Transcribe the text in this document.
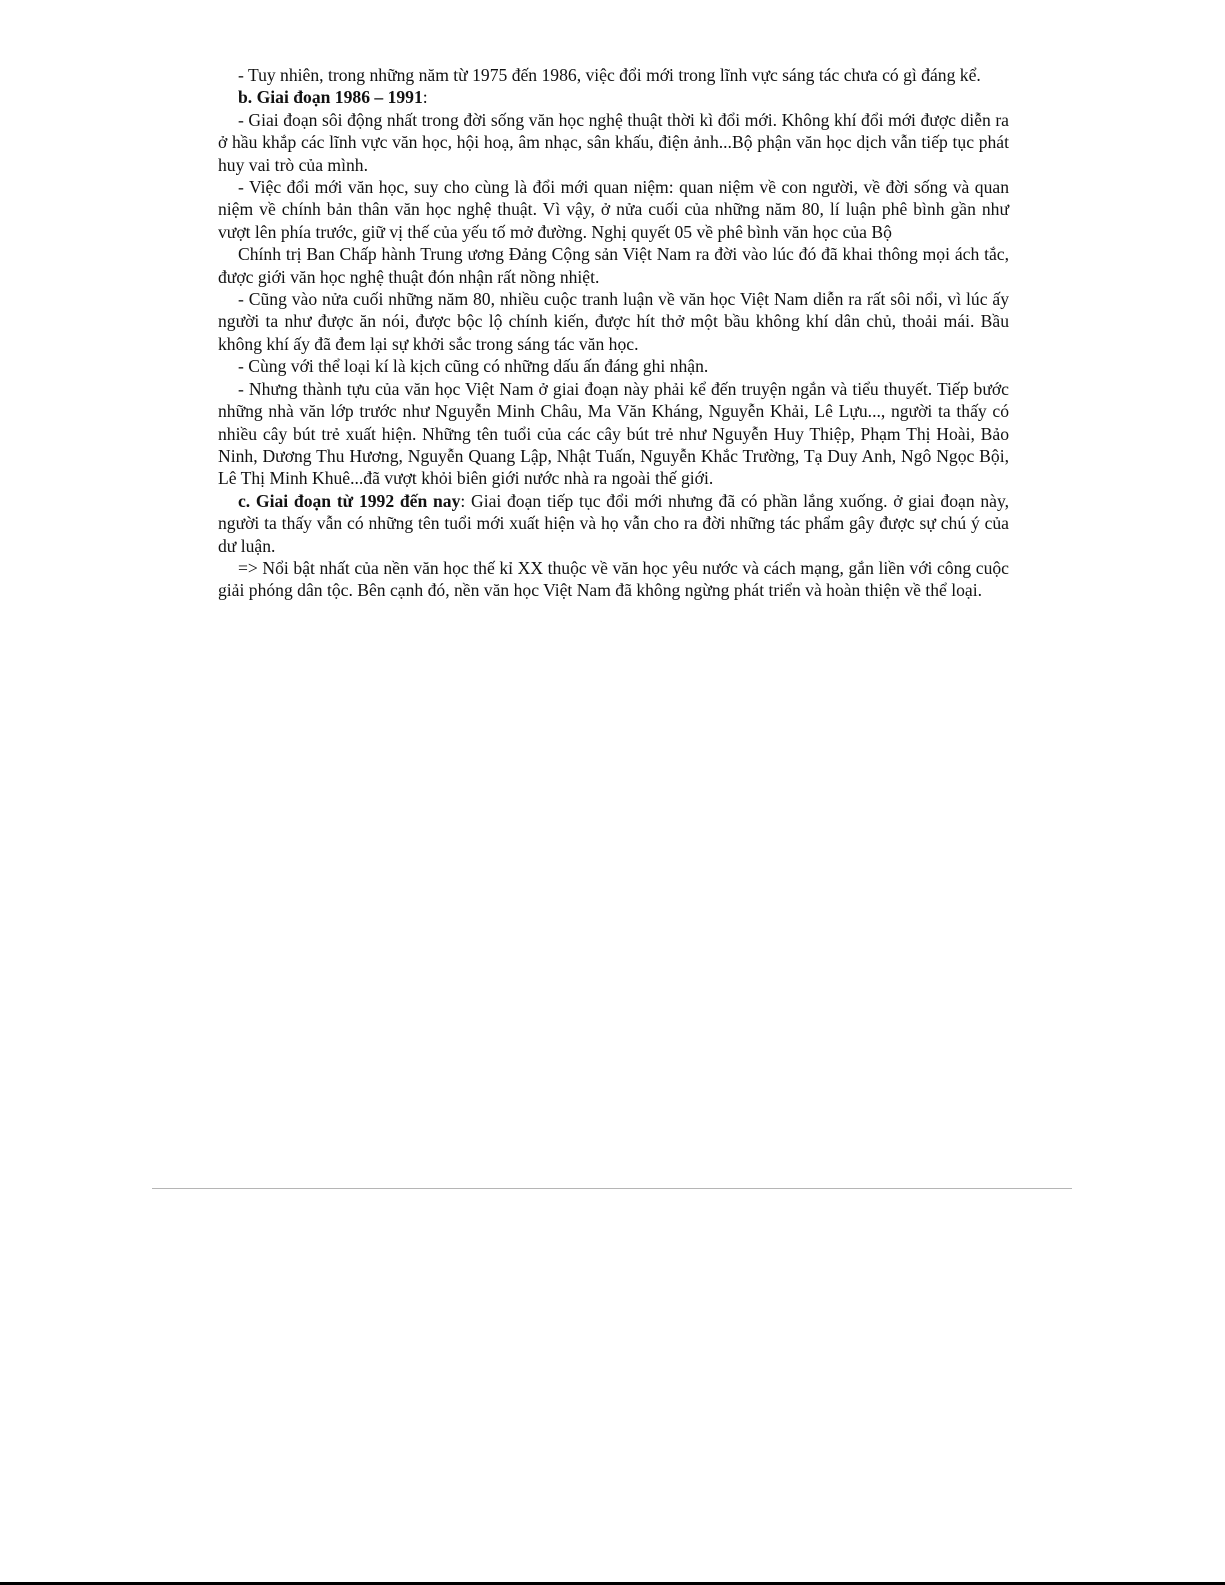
- Tuy nhiên, trong những năm từ 1975 đến 1986, việc đổi mới trong lĩnh vực sáng tác chưa có gì đáng kể.

b. Giai đoạn 1986 – 1991:

- Giai đoạn sôi động nhất trong đời sống văn học nghệ thuật thời kì đổi mới. Không khí đổi mới được diễn ra ở hầu khắp các lĩnh vực văn học, hội hoạ, âm nhạc, sân khấu, điện ảnh...Bộ phận văn học dịch vẫn tiếp tục phát huy vai trò của mình.

- Việc đổi mới văn học, suy cho cùng là đổi mới quan niệm: quan niệm về con người, về đời sống và quan niệm về chính bản thân văn học nghệ thuật. Vì vậy, ở nửa cuối của những năm 80, lí luận phê bình gần như vượt lên phía trước, giữ vị thế của yếu tố mở đường. Nghị quyết 05 về phê bình văn học của Bộ

Chính trị Ban Chấp hành Trung ương Đảng Cộng sản Việt Nam ra đời vào lúc đó đã khai thông mọi ách tắc, được giới văn học nghệ thuật đón nhận rất nồng nhiệt.

- Cũng vào nửa cuối những năm 80, nhiều cuộc tranh luận về văn học Việt Nam diễn ra rất sôi nổi, vì lúc ấy người ta như được ăn nói, được bộc lộ chính kiến, được hít thở một bầu không khí dân chủ, thoải mái. Bầu không khí ấy đã đem lại sự khởi sắc trong sáng tác văn học.

- Cùng với thể loại kí là kịch cũng có những dấu ấn đáng ghi nhận.

- Nhưng thành tựu của văn học Việt Nam ở giai đoạn này phải kể đến truyện ngắn và tiểu thuyết. Tiếp bước những nhà văn lớp trước như Nguyễn Minh Châu, Ma Văn Kháng, Nguyễn Khải, Lê Lựu..., người ta thấy có nhiều cây bút trẻ xuất hiện. Những tên tuổi của các cây bút trẻ như Nguyễn Huy Thiệp, Phạm Thị Hoài, Bảo Ninh, Dương Thu Hương, Nguyễn Quang Lập, Nhật Tuấn, Nguyễn Khắc Trường, Tạ Duy Anh, Ngô Ngọc Bội, Lê Thị Minh Khuê...đã vượt khỏi biên giới nước nhà ra ngoài thế giới.

c. Giai đoạn từ 1992 đến nay: Giai đoạn tiếp tục đổi mới nhưng đã có phần lắng xuống. ở giai đoạn này, người ta thấy vẫn có những tên tuổi mới xuất hiện và họ vẫn cho ra đời những tác phẩm gây được sự chú ý của dư luận.

=> Nổi bật nhất của nền văn học thế kỉ XX thuộc về văn học yêu nước và cách mạng, gắn liền với công cuộc giải phóng dân tộc. Bên cạnh đó, nền văn học Việt Nam đã không ngừng phát triển và hoàn thiện về thể loại.
